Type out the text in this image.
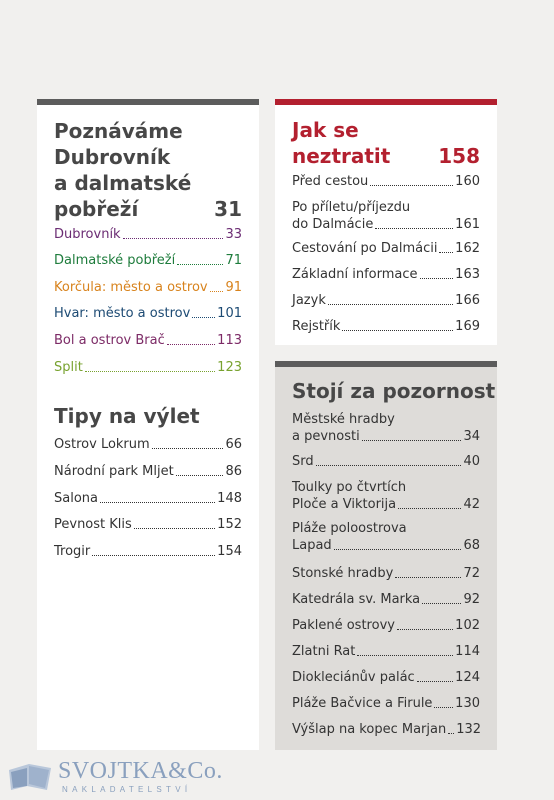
Poznáváme
Dubrovník
a dalmatské
pobřeží	31
Dubrovník	33
Dalmatské pobřeží	71
Korčula: město a ostrov 91
Hvar: město a ostrov 101
Bol a ostrov Brač	113
Split	123
Tipy na výlet
Ostrov Lokrum	66
Národní park Mljet	86
Salona	148
Pevnost Klis	152
Trogir	154
Jak se
neztratit 158
Před cestou	160
Po příletu/příjezdu
do Dalmácie	161
Cestování po Dalmácii 162
Základní informace	163
Jazyk	166
Rejstřík	169
Stojí za pozornost
Městské hradby
a pevnosti	34
Srd	40
Toulky po čtvrtích
Ploče a Viktorija	42
Pláže poloostrova
Lapad	68
Stonské hradby	72
Katedrála sv. Marka	92
Paklené ostrovy	102
Zlatni Rat	114
Diokleciánův palác	124
Pláže Bačvice a Firule 130
Výšlap na kopec Marjan 132
SVOJTKA&Co.
NAKLADATELSTVÍ
